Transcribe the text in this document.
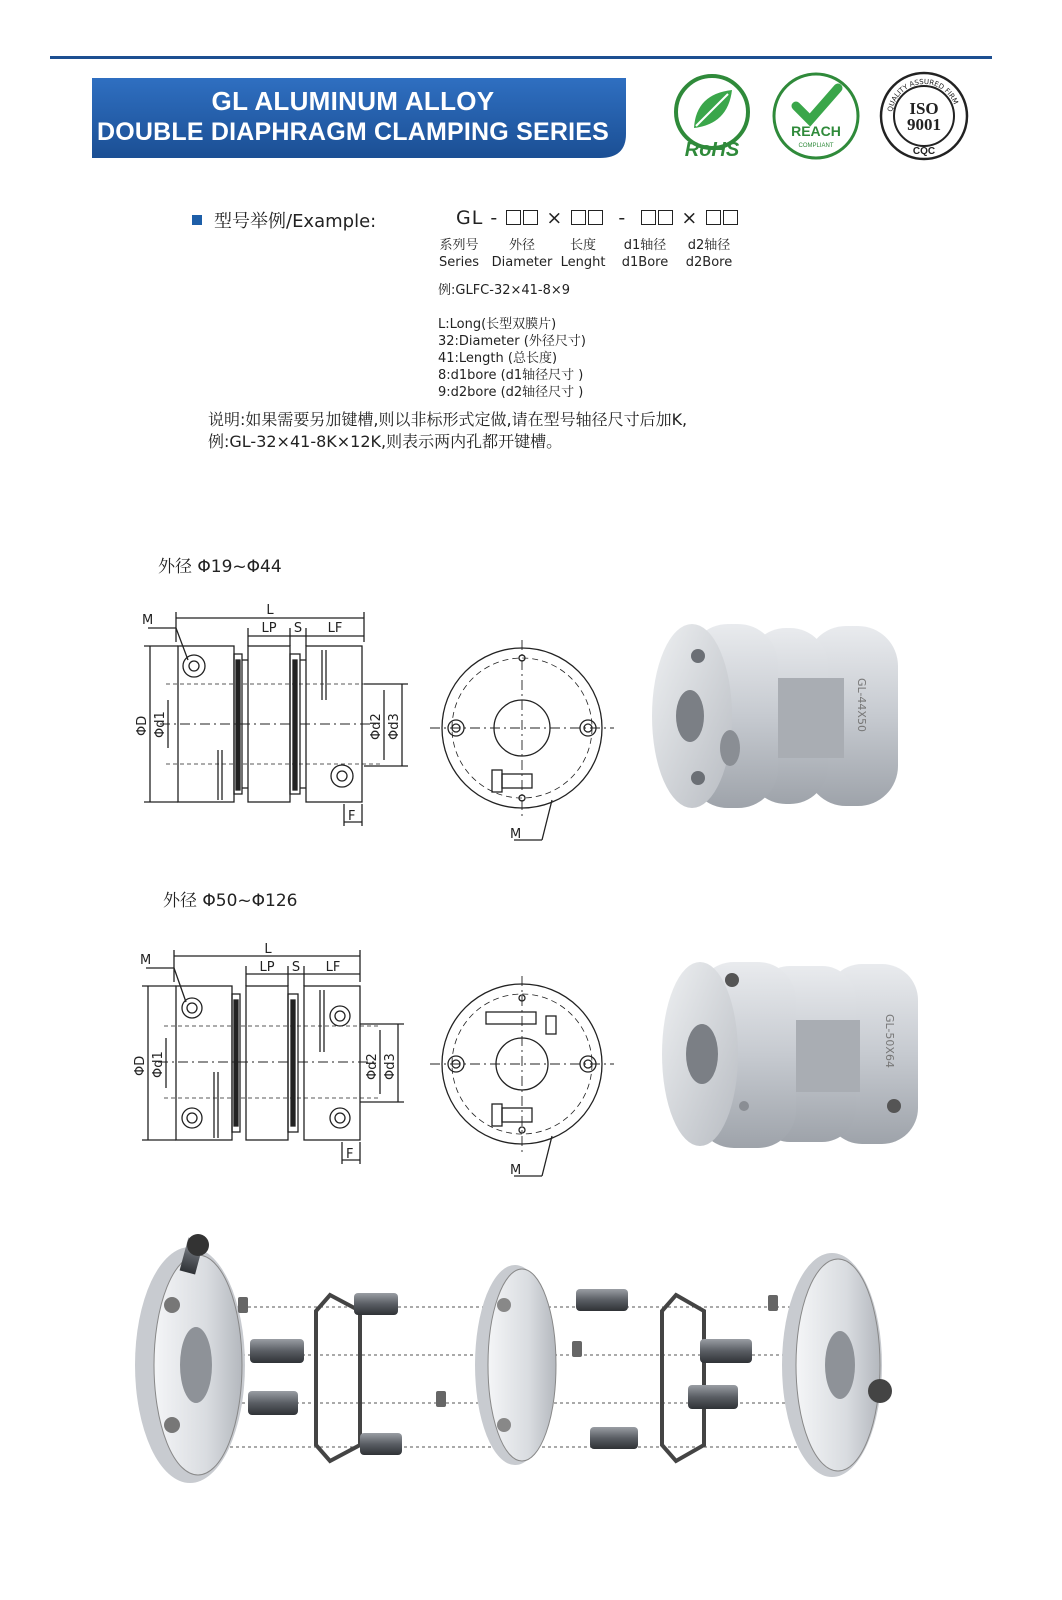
GL ALUMINUM ALLOY
DOUBLE DIAPHRAGM CLAMPING SERIES
RoHS
REACH
COMPLIANT
QUALITY ASSURED FIRM
ISO
9001
CQC
型号举例/Example:	GL -	×	-	×
系列号
Series
外径
Diameter
长度
Lenght
d1轴径
d1Bore
d2轴径
d2Bore
例:GLFC-32×41-8×9
L:Long(长型双膜片)
32:Diameter (外径尺寸)
41:Length (总长度)
8:d1bore (d1轴径尺寸 )
9:d2bore (d2轴径尺寸 )
说明:如果需要另加键槽,则以非标形式定做,请在型号轴径尺寸后加K,
例:GL-32×41-8K×12K,则表示两内孔都开键槽。
外径 Φ19~Φ44
L
LP S LF
M
F
ΦD Φd1	Φd2 Φd3
M
GL-44X50
外径 Φ50~Φ126
L
LP S LF
M
F
ΦD Φd1	Φd2 Φd3
M
GL-50X64
